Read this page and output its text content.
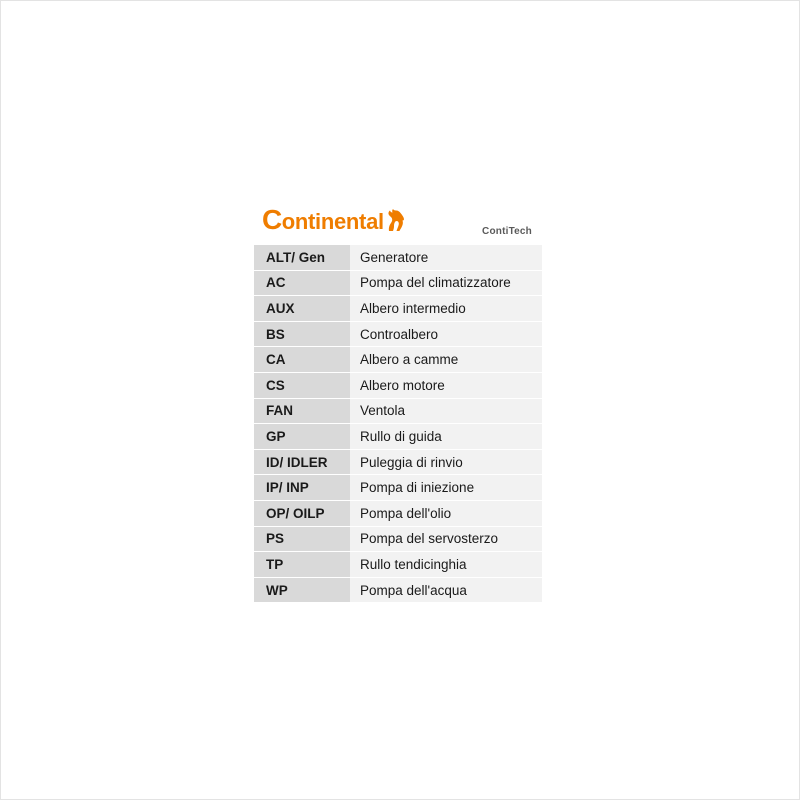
C ontinental	ContiTech
ALT/ Gen	Generatore
AC	Pompa del climatizzatore
AUX	Albero intermedio
BS	Controalbero
CA	Albero a camme
CS	Albero motore
FAN	Ventola
GP	Rullo di guida
ID/ IDLER	Puleggia di rinvio
IP/ INP	Pompa di iniezione
OP/ OILP	Pompa dell'olio
PS	Pompa del servosterzo
TP	Rullo tendicinghia
WP	Pompa dell'acqua
